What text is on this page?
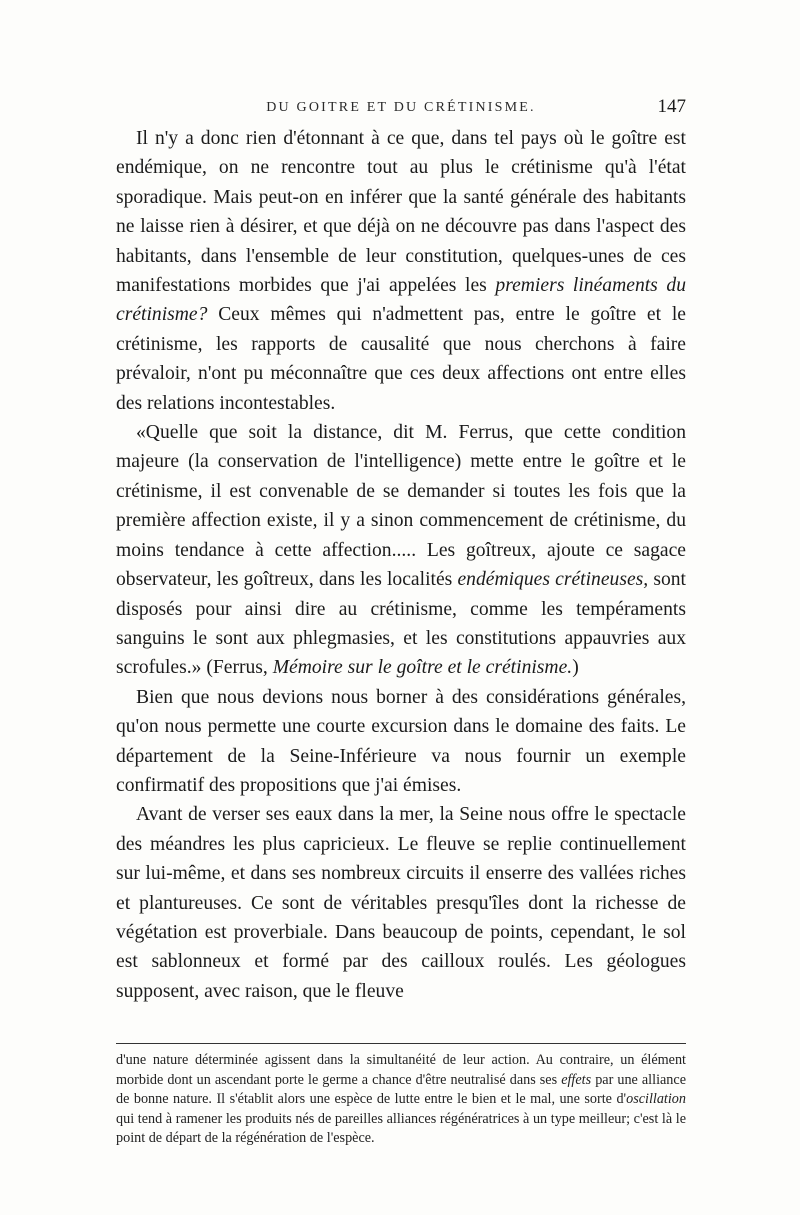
DU GOITRE ET DU CRÉTINISME.	147

Il n'y a donc rien d'étonnant à ce que, dans tel pays où le goître est endémique, on ne rencontre tout au plus le crétinisme qu'à l'état sporadique. Mais peut-on en inférer que la santé générale des habitants ne laisse rien à désirer, et que déjà on ne découvre pas dans l'aspect des habitants, dans l'ensemble de leur constitution, quelques-unes de ces manifestations morbides que j'ai appelées les premiers linéaments du crétinisme? Ceux mêmes qui n'admettent pas, entre le goître et le crétinisme, les rapports de causalité que nous cherchons à faire prévaloir, n'ont pu méconnaître que ces deux affections ont entre elles des relations incontestables.

«Quelle que soit la distance, dit M. Ferrus, que cette condition majeure (la conservation de l'intelligence) mette entre le goître et le crétinisme, il est convenable de se demander si toutes les fois que la première affection existe, il y a sinon commencement de crétinisme, du moins tendance à cette affection..... Les goîtreux, ajoute ce sagace observateur, les goîtreux, dans les localités endémiques crétineuses, sont disposés pour ainsi dire au crétinisme, comme les tempéraments sanguins le sont aux phlegmasies, et les constitutions appauvries aux scrofules.» (Ferrus, Mémoire sur le goître et le crétinisme.)

Bien que nous devions nous borner à des considérations générales, qu'on nous permette une courte excursion dans le domaine des faits. Le département de la Seine-Inférieure va nous fournir un exemple confirmatif des propositions que j'ai émises.

Avant de verser ses eaux dans la mer, la Seine nous offre le spectacle des méandres les plus capricieux. Le fleuve se replie continuellement sur lui-même, et dans ses nombreux circuits il enserre des vallées riches et plantureuses. Ce sont de véritables presqu'îles dont la richesse de végétation est proverbiale. Dans beaucoup de points, cependant, le sol est sablonneux et formé par des cailloux roulés. Les géologues supposent, avec raison, que le fleuve

d'une nature déterminée agissent dans la simultanéité de leur action. Au contraire, un élément morbide dont un ascendant porte le germe a chance d'être neutralisé dans ses effets par une alliance de bonne nature. Il s'établit alors une espèce de lutte entre le bien et le mal, une sorte d'oscillation qui tend à ramener les produits nés de pareilles alliances régénératrices à un type meilleur; c'est là le point de départ de la régénération de l'espèce.
